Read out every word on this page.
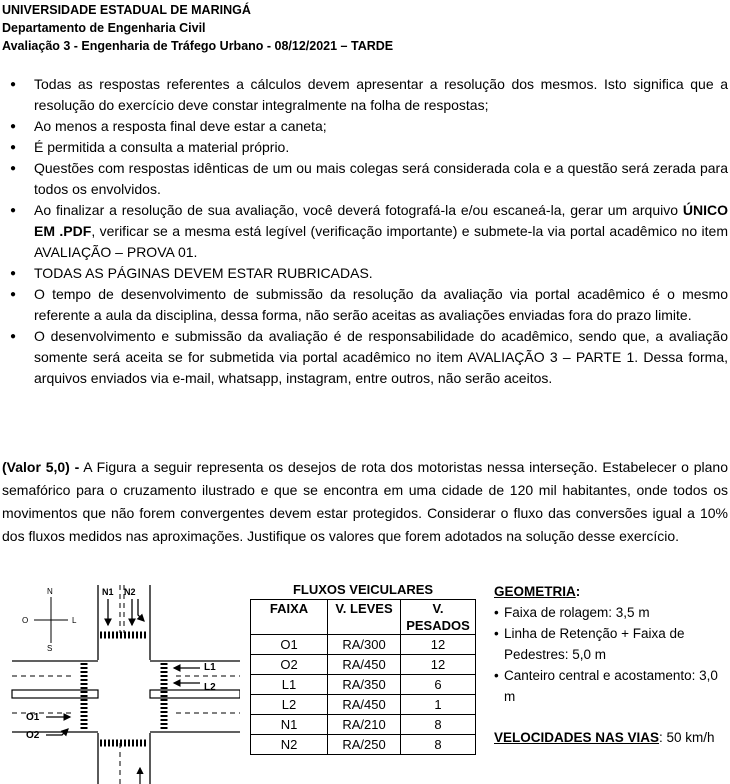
UNIVERSIDADE ESTADUAL DE MARINGÁ
Departamento de Engenharia Civil
Avaliação 3 - Engenharia de Tráfego Urbano - 08/12/2021 – TARDE
● Todas as respostas referentes a cálculos devem apresentar a resolução dos mesmos. Isto significa que a resolução do exercício deve constar integralmente na folha de respostas;
● Ao menos a resposta final deve estar a caneta;
● É permitida a consulta a material próprio.
● Questões com respostas idênticas de um ou mais colegas será considerada cola e a questão será zerada para todos os envolvidos.
● Ao finalizar a resolução de sua avaliação, você deverá fotografá-la e/ou escaneá-la, gerar um arquivo ÚNICO EM .PDF, verificar se a mesma está legível (verificação importante) e submete-la via portal acadêmico no item AVALIAÇÃO – PROVA 01.
● TODAS AS PÁGINAS DEVEM ESTAR RUBRICADAS.
● O tempo de desenvolvimento de submissão da resolução da avaliação via portal acadêmico é o mesmo referente a aula da disciplina, dessa forma, não serão aceitas as avaliações enviadas fora do prazo limite.
● O desenvolvimento e submissão da avaliação é de responsabilidade do acadêmico, sendo que, a avaliação somente será aceita se for submetida via portal acadêmico no item AVALIAÇÃO 3 – PARTE 1. Dessa forma, arquivos enviados via e-mail, whatsapp, instagram, entre outros, não serão aceitos.
(Valor 5,0) - A Figura a seguir representa os desejos de rota dos motoristas nessa interseção. Estabelecer o plano semafórico para o cruzamento ilustrado e que se encontra em uma cidade de 120 mil habitantes, onde todos os movimentos que não forem convergentes devem estar protegidos. Considerar o fluxo das conversões igual a 10% dos fluxos medidos nas aproximações. Justifique os valores que forem adotados na solução desse exercício.
N
S
O	L
N1 N2
L1
L2
O1
O2
FLUXOS VEICULARES
FAIXA	V. LEVES	V. PESADOS
O1	RA/300	12
O2	RA/450	12
L1	RA/350	6
L2	RA/450	1
N1	RA/210	8
N2	RA/250	8
GEOMETRIA:
• Faixa de rolagem: 3,5 m
• Linha de Retenção + Faixa de Pedestres: 5,0 m
• Canteiro central e acostamento: 3,0 m
VELOCIDADES NAS VIAS: 50 km/h
